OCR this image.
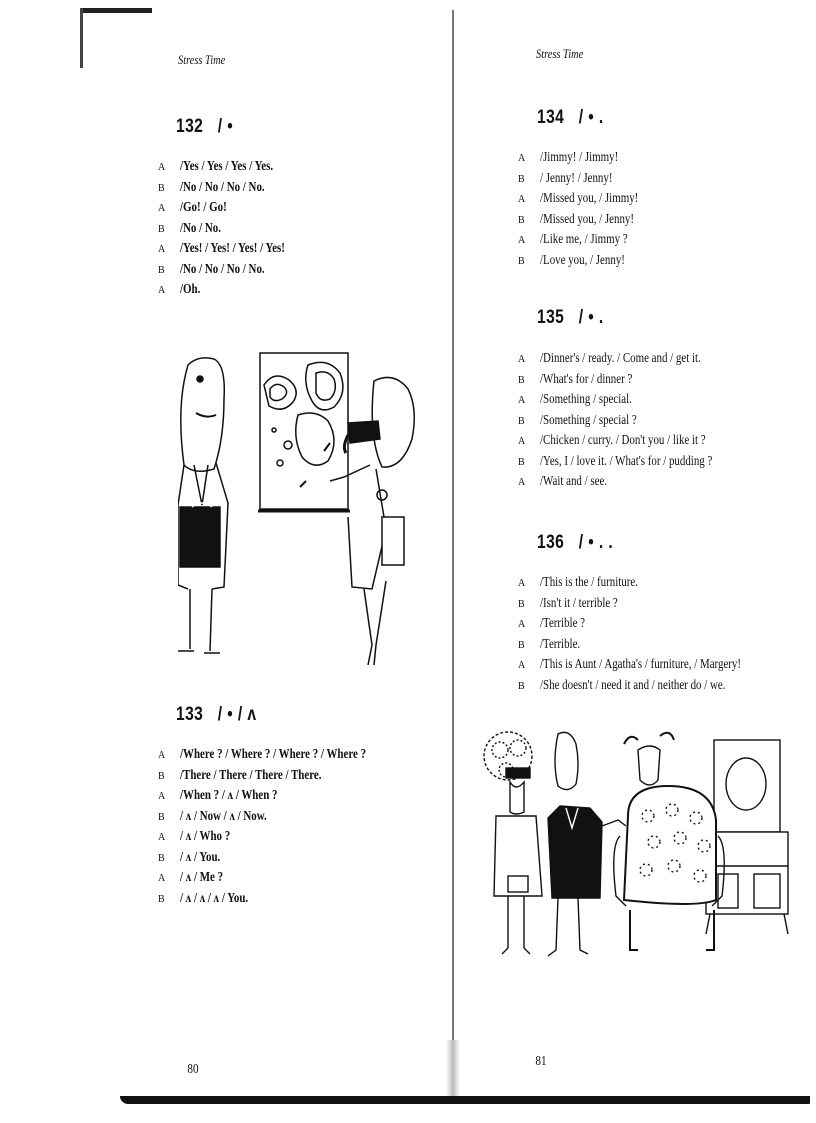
Stress Time
132 / •
A /Yes / Yes / Yes / Yes.
B /No / No / No / No.
A /Go! / Go!
B /No / No.
A /Yes! / Yes! / Yes! / Yes!
B /No / No / No / No.
A /Oh.
133 / • / ʌ
A /Where ? / Where ? / Where ? / Where ?
B /There / There / There / There.
A /When ? / ʌ / When ?
B / ʌ / Now / ʌ / Now.
A / ʌ / Who ?
B / ʌ / You.
A / ʌ / Me ?
B / ʌ / ʌ / ʌ / You.
80
Stress Time
134 / • .
A /Jimmy! / Jimmy!
B / Jenny! / Jenny!
A /Missed you, / Jimmy!
B /Missed you, / Jenny!
A /Like me, / Jimmy ?
B /Love you, / Jenny!
135 / • .
A /Dinner's / ready. / Come and / get it.
B /What's for / dinner ?
A /Something / special.
B /Something / special ?
A /Chicken / curry. / Don't you / like it ?
B /Yes, I / love it. / What's for / pudding ?
A /Wait and / see.
136 / • . .
A /This is the / furniture.
B /Isn't it / terrible ?
A /Terrible ?
B /Terrible.
A /This is Aunt / Agatha's / furniture, / Margery!
B /She doesn't / need it and / neither do / we.
81
